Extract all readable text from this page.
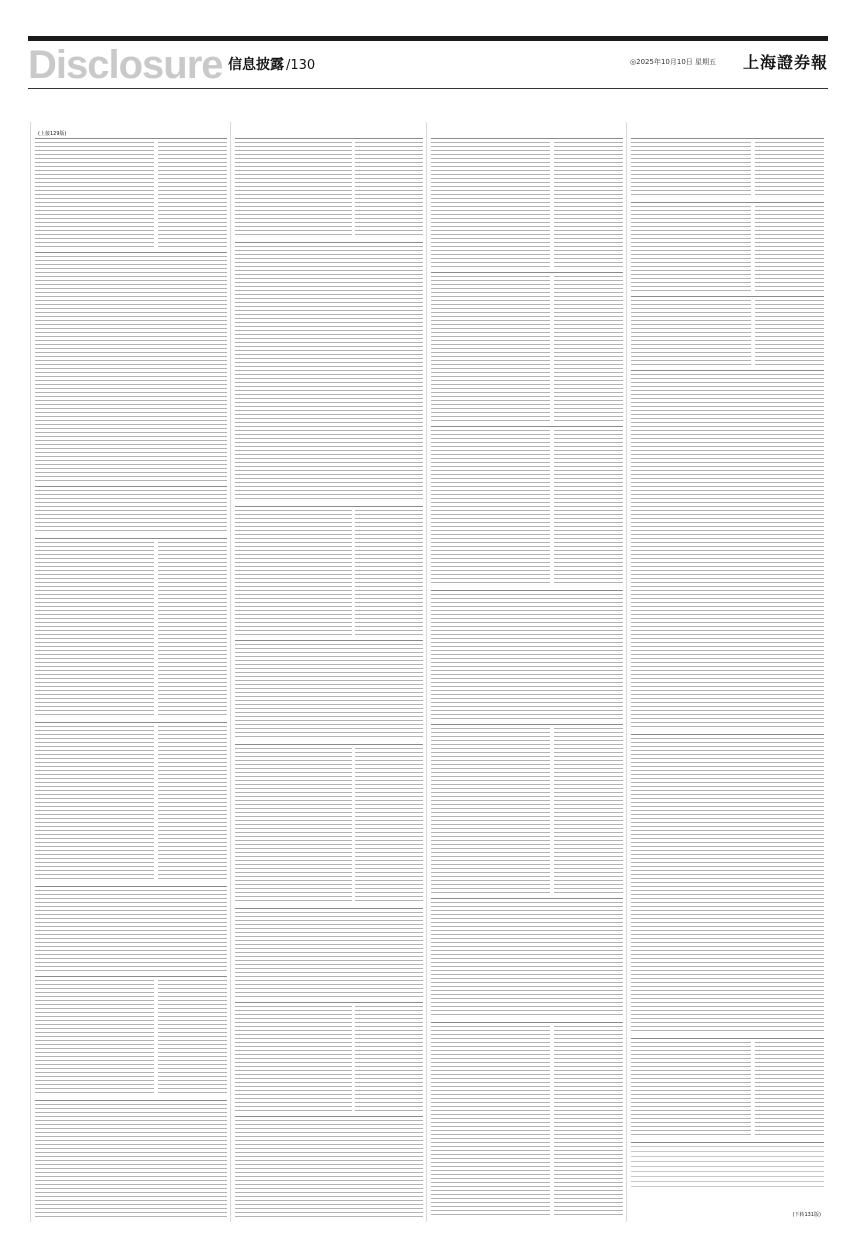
Disclosure 信息披露 /130	◎2025年10月10日 星期五 上海證券報
(上接129版)
(下转131版)
